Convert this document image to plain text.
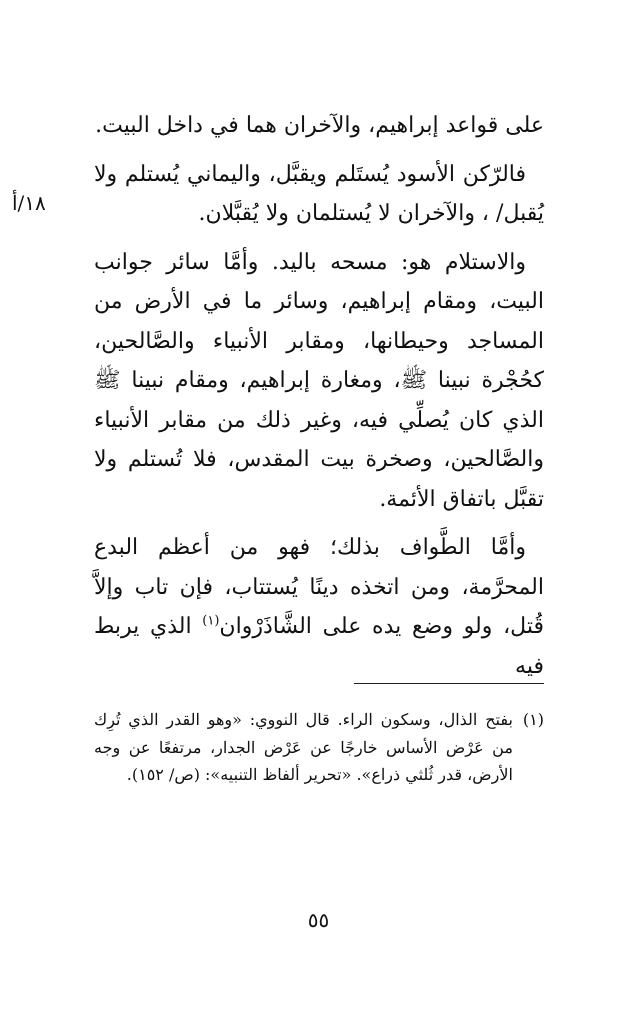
على قواعد إبراهيم، والآخران هما في داخل البيت.

فالرّكن الأسود يُستَلم ويقبَّل، واليماني يُستلم ولا يُقبل/ ، والآخران لا يُستلمان ولا يُقبَّلان.

والاستلام هو: مسحه باليد. وأمَّا سائر جوانب البيت، ومقام إبراهيم، وسائر ما في الأرض من المساجد وحيطانها، ومقابر الأنبياء والصَّالحين، كحُجْرة نبينا ﷺ، ومغارة إبراهيم، ومقام نبينا ﷺ الذي كان يُصلِّي فيه، وغير ذلك من مقابر الأنبياء والصَّالحين، وصخرة بيت المقدس، فلا تُستلم ولا تقبَّل باتفاق الأئمة.

وأمَّا الطَّواف بذلك؛ فهو من أعظم البدع المحرَّمة، ومن اتخذه دينًا يُستتاب، فإن تاب وإلاَّ قُتل، ولو وضع يده على الشَّاذَرْوان$^{(١)}$ الذي يربط فيه

١٨/أ
(١)
بفتح الذال، وسكون الراء. قال النووي: «وهو القدر الذي تُرِك من عَرْض الأساس خارجًا عن عَرْض الجدار، مرتفعًا عن وجه الأرض، قدر ثُلثي ذراع». «تحرير ألفاظ التنبيه»: (ص/ ١٥٢).
٥٥
